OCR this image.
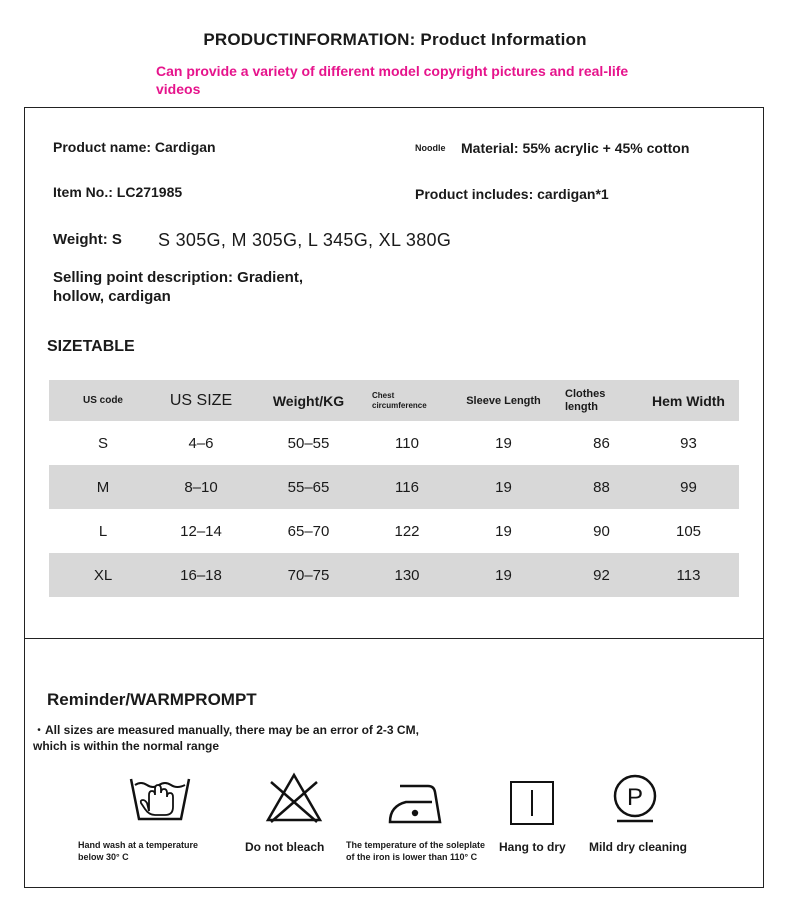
PRODUCTINFORMATION: Product Information
Can provide a variety of different model copyright pictures and real-life videos
Product name: Cardigan	Noodle Material: 55% acrylic + 45% cotton
Item No.: LC271985	Product includes: cardigan*1
Weight: S S 305G, M 305G, L 345G, XL 380G
Selling point description: Gradient, hollow, cardigan
SIZETABLE
US code	US SIZE	Weight/KG	Chest circumference	Sleeve Length	Clothes length	Hem Width
S	4–6	50–55	110	19	86	93
M	8–10	55–65	116	19	88	99
L	12–14	65–70	122	19	90	105
XL	16–18	70–75	130	19	92	113
Reminder/WARMPROMPT
・All sizes are measured manually, there may be an error of 2-3 CM, which is within the normal range
P
Hand wash at a temperature below 30° C
Do not bleach	The temperature of the soleplate of the iron is lower than 110° C
Hang to dry	Mild dry cleaning
